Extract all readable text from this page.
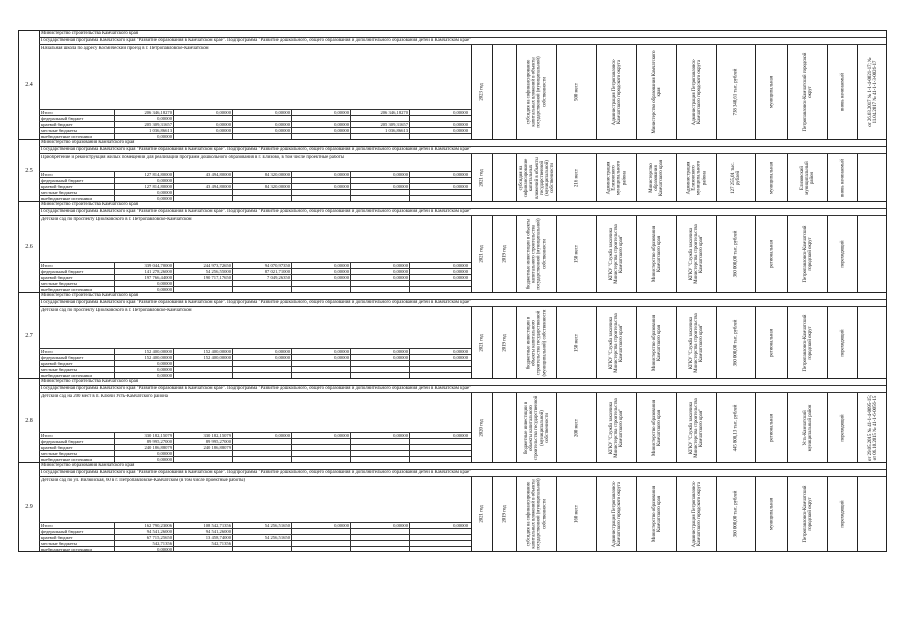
2.4
Министерство строительства Камчатского края
Государственная программа Камчатского края "Развитие образования в Камчатском крае". Подпрограмма "Развитие дошкольного, общего образования и дополнительного образования детей в Камчатском крае"
Начальная школа по адресу Космический проезд в г. Петропавловске-Камчатском
Итого	206 346,18270	0,00000	0,00000	0,00000	206 346,18270	0,00000
федеральный бюджет	0,00000
краевой бюджет	205 309,31657	0,00000	0,00000	0,00000	205 309,31657	0,00000
местные бюджеты	1 036,86613	0,00000	0,00000	0,00000	1 036,86613	0,00000
внебюджетные источники	0,00000
2023 год	субсидия на софинансирование капитальных вложений в объекты государственной (муниципальной) собственности	500 мест	Администрация Петропавловск-Камчатского городского округа	Министерство образования Камчатского края	Администрация Петропавловск-Камчатского городского округа	738 340,61 тыс. рублей	муниципальная	Петропавловск-Камчатский городской округ	вновь начинаемый	от 26.03.2017 № 1-1-4-0021-17; № 11.04.2017 № 41-1-1-3-0026-17
2.5
Министерство образования Камчатского края
Государственная программа Камчатского края "Развитие образования в Камчатском крае". Подпрограмма "Развитие дошкольного, общего образования и дополнительного образования детей в Камчатском крае"
Приобретение и реконструкция жилых помещений для реализации программ дошкольного образования в г. Елизово, в том числе проектные работы
Итого	127 814,80000	43 494,80000	84 320,00000	0,00000	0,00000	0,00000
федеральный бюджет	0,00000
краевой бюджет	127 814,80000	43 494,80000	84 320,00000	0,00000	0,00000	0,00000
местные бюджеты	0,00000
внебюджетные источники	0,00000
2021 год	субсидия на софинансирование капитальных вложений в объекты государственной (муниципальной) собственности	216 мест	Администрация Елизовского муниципального района	Министерство образования Камчатского края	Администрация Елизовского муниципального района	127 255,01 тыс. рублей	муниципальная	Елизовский муниципальный район	вновь начинаемый
2.6
Министерство строительства Камчатского края
Государственная программа Камчатского края "Развитие образования в Камчатском крае". Подпрограмма "Развитие дошкольного, общего образования и дополнительного образования детей в Камчатском крае"
Детский сад по проспекту Циолковского в г. Петропавловске-Камчатском
Итого	339 044,70000	244 973,72650	94 070,97350	0,00000	0,00000	0,00000
федеральный бюджет	141 278,26000	54 256,55000	87 021,71000	0,00000	0,00000	0,00000
краевой бюджет	197 766,44000	190 717,17650	7 049,26350	0,00000	0,00000	0,00000
местные бюджеты	0,00000
внебюджетные источники	0,00000
2021 год	2019 год	бюджетные инвестиции в объекты капитального строительства государственной (муниципальной) собственности	150 мест	КГКУ "Служба заказчика Министерства строительства Камчатского края"	Министерство образования Камчатского края	КГКУ "Служба заказчика Министерства строительства Камчатского края"	360 000,00 тыс. рублей	региональная	Петропавловск-Камчатский городской округ	переходящий
2.7
Министерство строительства Камчатского края
Государственная программа Камчатского края "Развитие образования в Камчатском крае". Подпрограмма "Развитие дошкольного, общего образования и дополнительного образования детей в Камчатском крае"
Детский сад по проспекту Циолковского в г. Петропавловске-Камчатском
Итого	152 400,00000	152 400,00000	0,00000	0,00000	0,00000	0,00000
федеральный бюджет	152 400,00000	152 400,00000	0,00000	0,00000	0,00000	0,00000
краевой бюджет	0,00000
местные бюджеты	0,00000
внебюджетные источники	0,00000
2021 год	2019 год	бюджетные инвестиции в объекты капитального строительства государственной (муниципальной) собственности	150 мест	КГКУ "Служба заказчика Министерства строительства Камчатского края"	Министерство образования Камчатского края	КГКУ "Служба заказчика Министерства строительства Камчатского края"	360 000,00 тыс. рублей	региональная	Петропавловск-Камчатский городской округ	переходящий
2.8
Министерство строительства Камчатского края
Государственная программа Камчатского края "Развитие образования в Камчатском крае". Подпрограмма "Развитие дошкольного, общего образования и дополнительного образования детей в Камчатском крае"
Детский сад на 200 мест в п. Ключи Усть-Камчатского района
Итого	330 182,15079	330 182,15079	0,00000	0,00000	0,00000	0,00000
федеральный бюджет	89 995,27000	89 995,27000
краевой бюджет	240 186,88079	240 186,88079
местные бюджеты	0,00000
внебюджетные источники	0,00000
2020 год	бюджетные инвестиции в объекты капитального строительства государственной (муниципальной) собственности	200 мест	КГКУ "Служба заказчика Министерства строительства Камчатского края"	Министерство образования Камчатского края	КГКУ "Служба заказчика Министерства строительства Камчатского края"	445 808,13 тыс. рублей	региональная	Усть-Камчатский муниципальный район	переходящий	от 29.05.2015 № 41-1-4-0095-15; от 06.10.2015 № 41-1-6-0056-15
2.9
Министерство образования Камчатского края
Государственная программа Камчатского края "Развитие образования в Камчатском крае". Подпрограмма "Развитие дошкольного, общего образования и дополнительного образования детей в Камчатском крае"
Детский сад по ул. Вилюйская, 60 в г. Петропавловске-Камчатском (в том числе проектные работы)
Итого	162 790,23006	108 542,71356	54 256,51650	0,00000	0,00000	0,00000
федеральный бюджет	94 541,26000	94 541,26000
краевой бюджет	67 715,25650	13 458,74000	54 256,51650
местные бюджеты	542,71356	542,71356
внебюджетные источники	0,00000
2021 год	2019 год	субсидия на софинансирование капитальных вложений в объекты государственной (муниципальной) собственности	160 мест	Администрация Петропавловск-Камчатского городского округа	Министерство образования Камчатского края	Администрация Петропавловск-Камчатского городского округа	360 000,00 тыс. рублей	муниципальная	Петропавловск-Камчатский городской округ	переходящий
